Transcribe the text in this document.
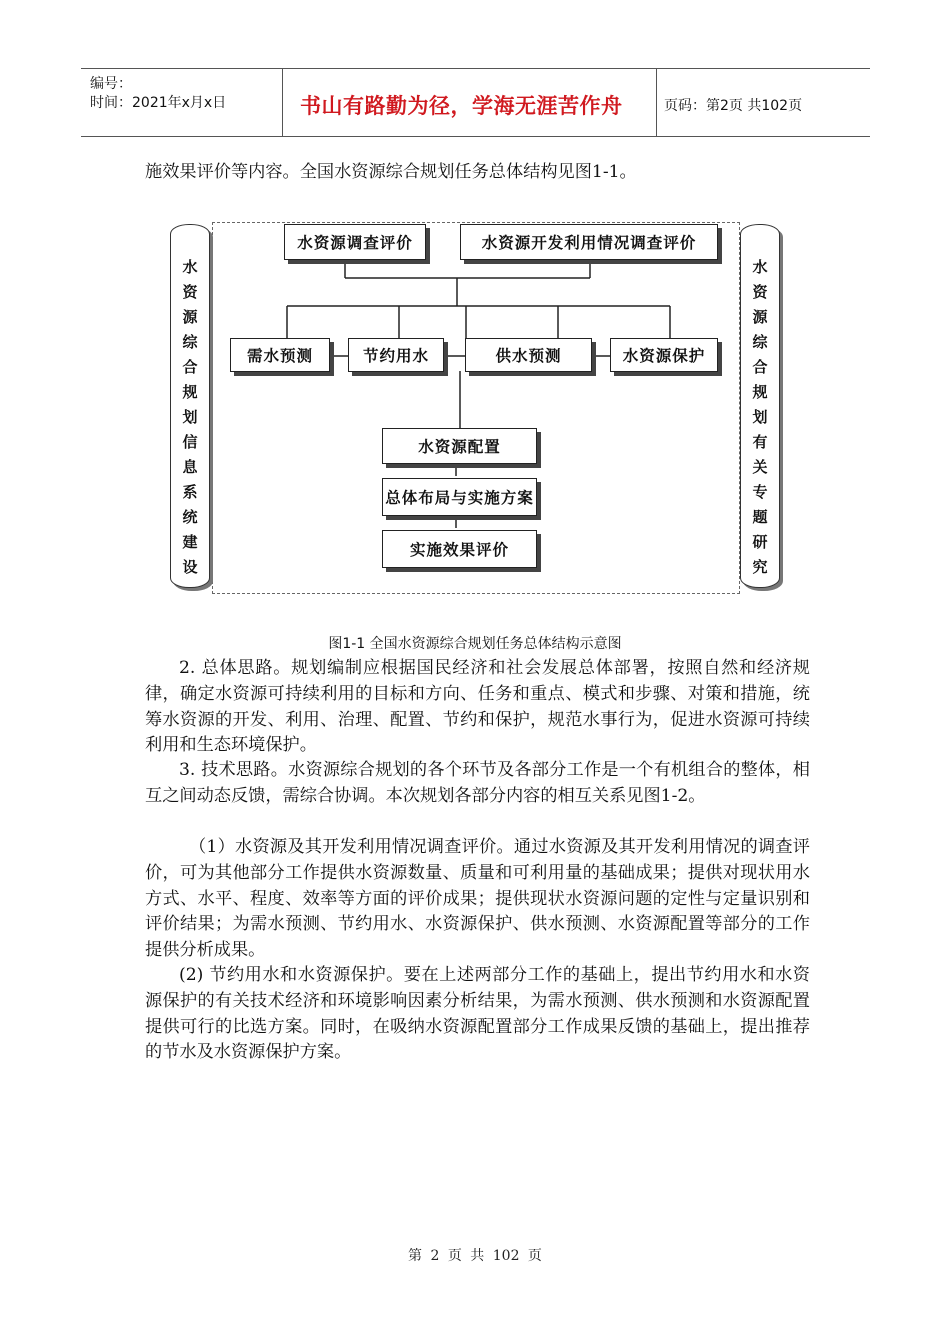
编号：
时间：2021年x月x日	书山有路勤为径，学海无涯苦作舟	页码：第2页 共102页

施效果评价等内容。全国水资源综合规划任务总体结构见图1-1。

水
资
源
综
合
规
划
信
息
系
统
建
设
水
资
源
综
合
规
划
有
关
专
题
研
究
水资源调查评价	水资源开发利用情况调查评价
需水预测	节约用水	供水预测	水资源保护
水资源配置
总体布局与实施方案
实施效果评价
图1-1 全国水资源综合规划任务总体结构示意图

2. 总体思路。规划编制应根据国民经济和社会发展总体部署，按照自然和经济规律，确定水资源可持续利用的目标和方向、任务和重点、模式和步骤、对策和措施，统筹水资源的开发、利用、治理、配置、节约和保护，规范水事行为，促进水资源可持续利用和生态环境保护。

3. 技术思路。水资源综合规划的各个环节及各部分工作是一个有机组合的整体，相互之间动态反馈，需综合协调。本次规划各部分内容的相互关系见图1-2。

（1）水资源及其开发利用情况调查评价。通过水资源及其开发利用情况的调查评价，可为其他部分工作提供水资源数量、质量和可利用量的基础成果；提供对现状用水方式、水平、程度、效率等方面的评价成果；提供现状水资源问题的定性与定量识别和评价结果；为需水预测、节约用水、水资源保护、供水预测、水资源配置等部分的工作提供分析成果。

(2) 节约用水和水资源保护。要在上述两部分工作的基础上，提出节约用水和水资源保护的有关技术经济和环境影响因素分析结果，为需水预测、供水预测和水资源配置提供可行的比选方案。同时，在吸纳水资源配置部分工作成果反馈的基础上，提出推荐的节水及水资源保护方案。

第 2 页 共 102 页
